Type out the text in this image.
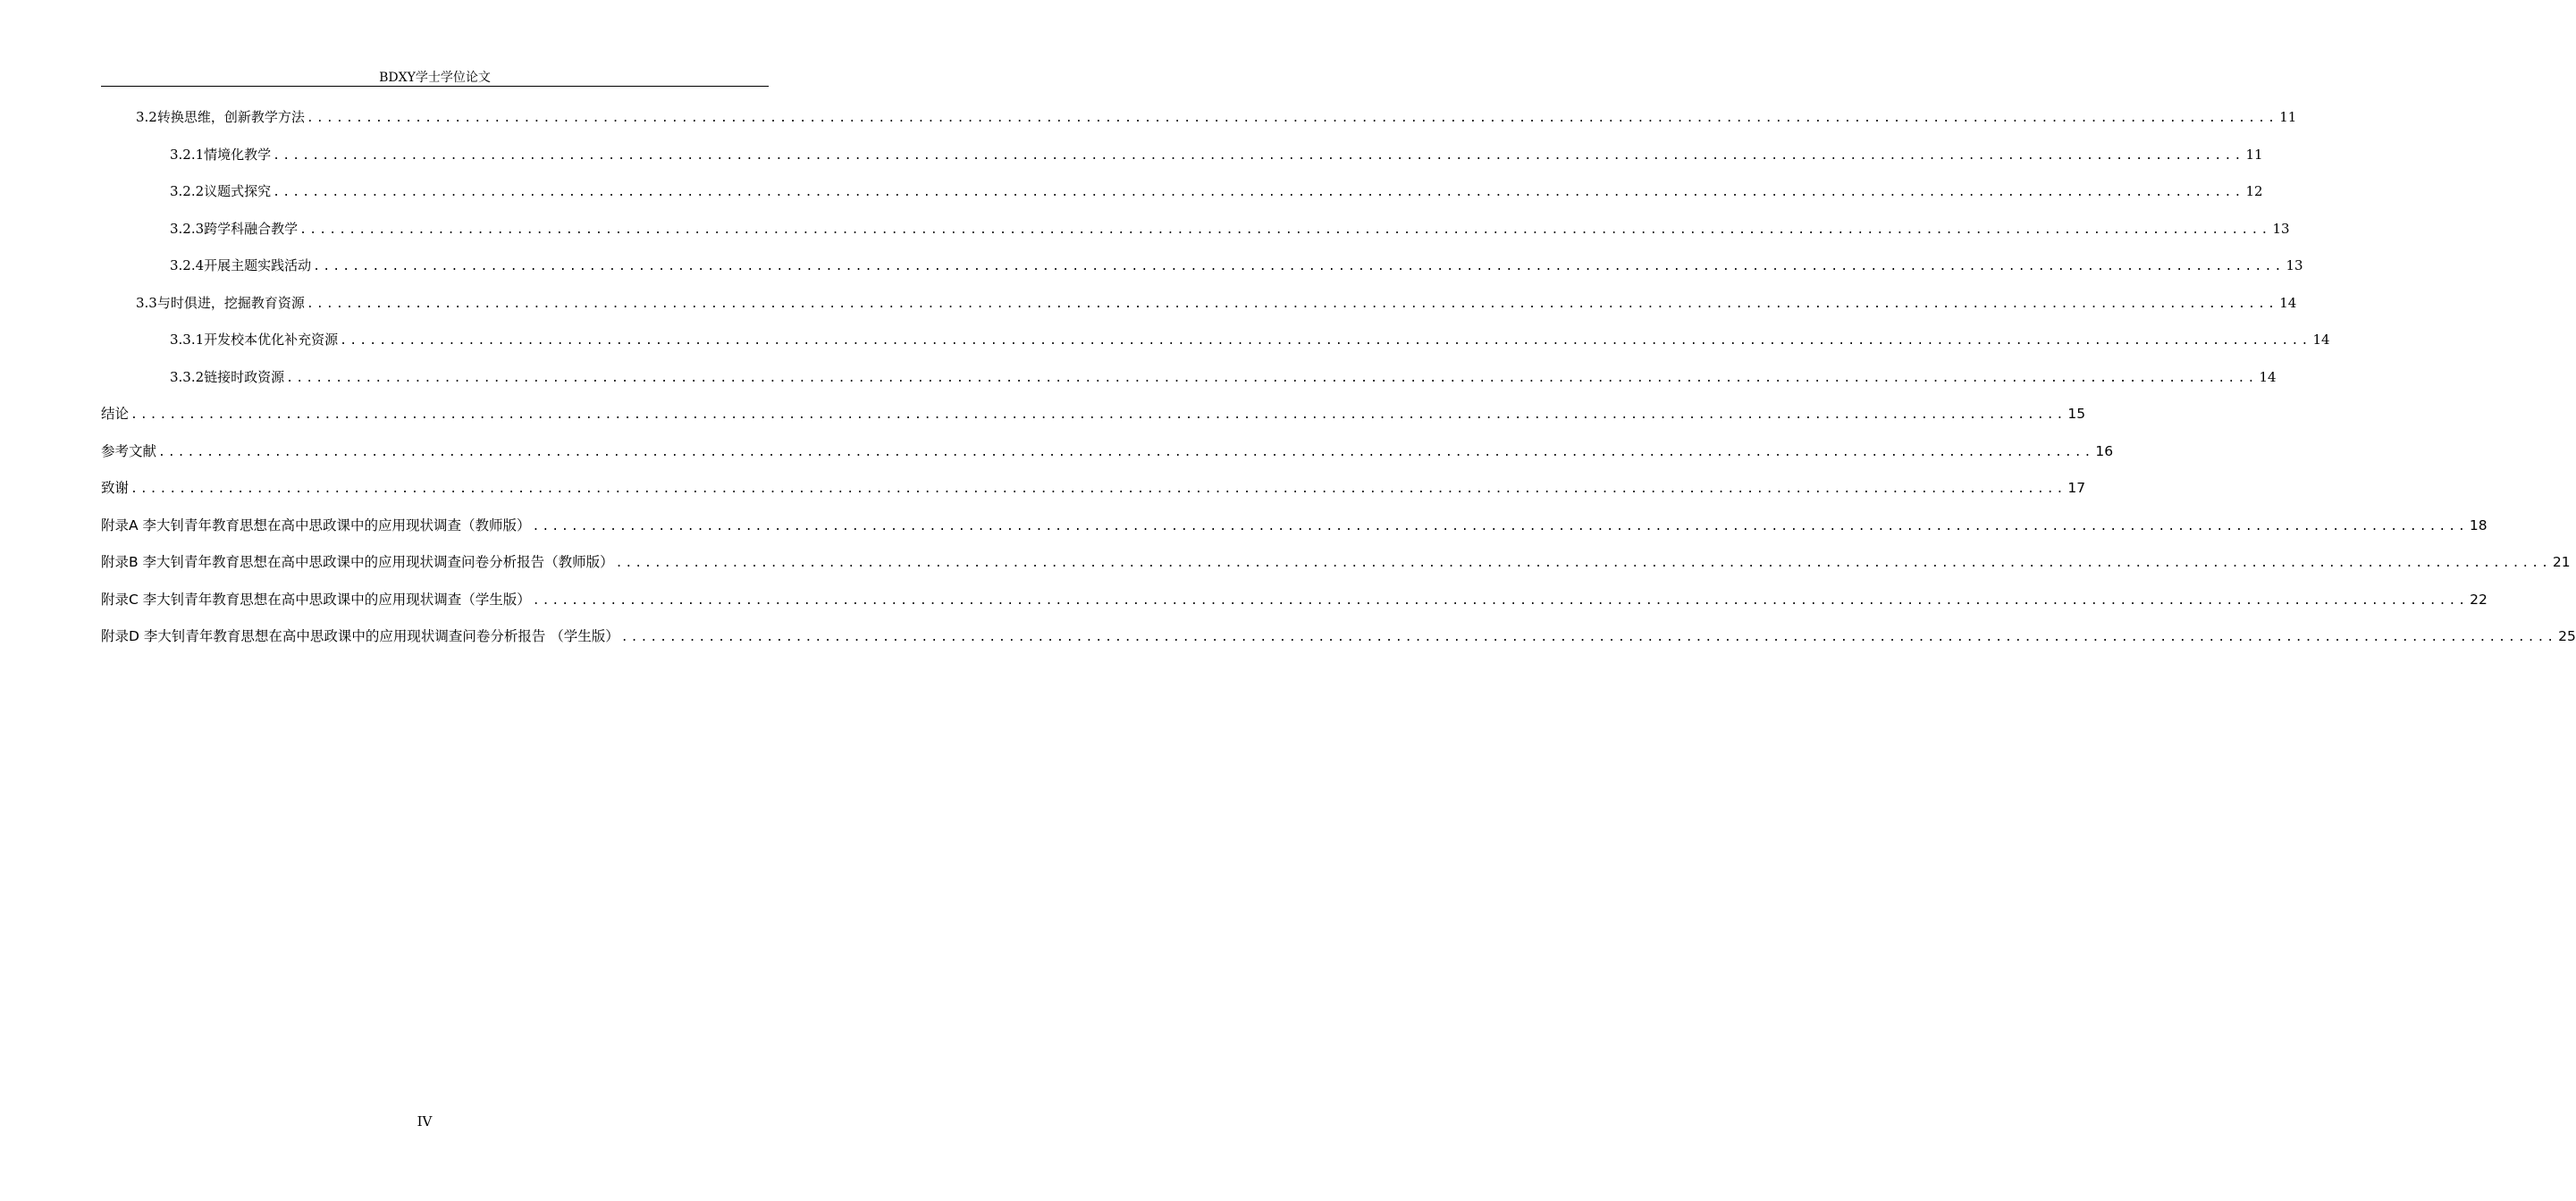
BDXY学士学位论文
3.2转换思维，创新教学方法 ........................................................................................................................................................................................................ 11
3.2.1情境化教学 ........................................................................................................................................................................................................ 11
3.2.2议题式探究 ........................................................................................................................................................................................................ 12
3.2.3跨学科融合教学 ........................................................................................................................................................................................................ 13
3.2.4开展主题实践活动 ........................................................................................................................................................................................................ 13
3.3与时俱进，挖掘教育资源 ........................................................................................................................................................................................................ 14
3.3.1开发校本优化补充资源 ........................................................................................................................................................................................................ 14
3.3.2链接时政资源 ........................................................................................................................................................................................................ 14
结论 ........................................................................................................................................................................................................ 15
参考文献 ........................................................................................................................................................................................................ 16
致谢 ........................................................................................................................................................................................................ 17
附录A 李大钊青年教育思想在高中思政课中的应用现状调查（教师版） ........................................................................................................................................................................................................ 18
附录B 李大钊青年教育思想在高中思政课中的应用现状调查问卷分析报告（教师版） ........................................................................................................................................................................................................ 21
附录C 李大钊青年教育思想在高中思政课中的应用现状调查（学生版） ........................................................................................................................................................................................................ 22
附录D 李大钊青年教育思想在高中思政课中的应用现状调查问卷分析报告 （学生版） ........................................................................................................................................................................................................ 25
IV
